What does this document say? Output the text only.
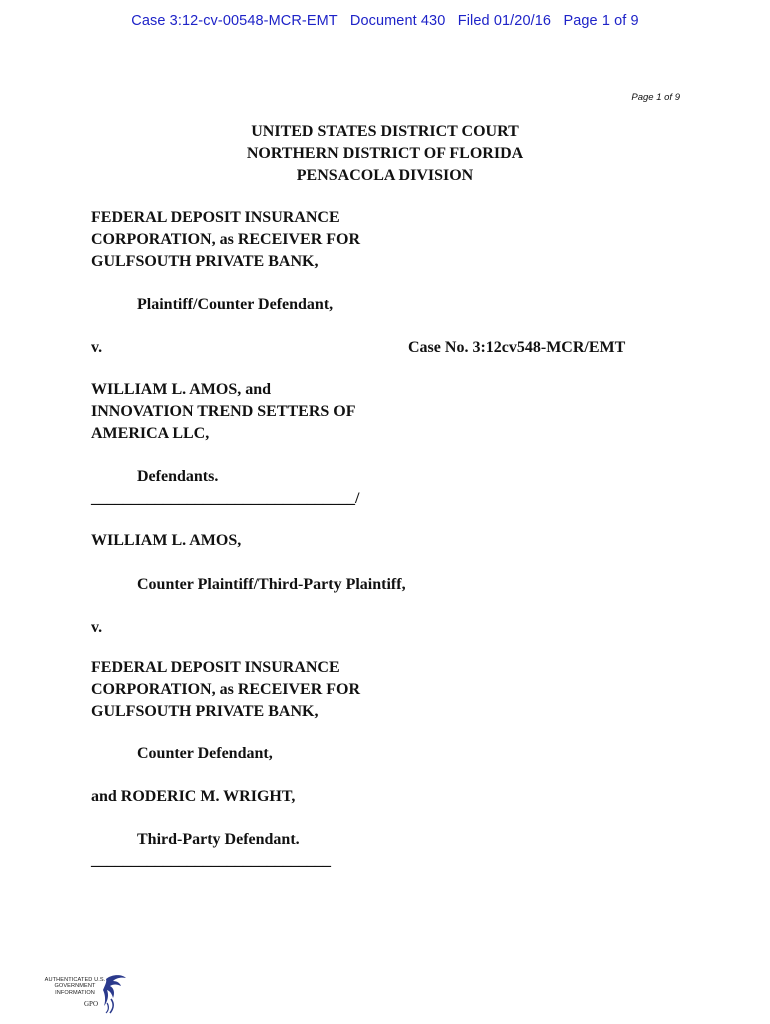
Case 3:12-cv-00548-MCR-EMT   Document 430   Filed 01/20/16   Page 1 of 9
Page 1 of 9
UNITED STATES DISTRICT COURT
NORTHERN DISTRICT OF FLORIDA
PENSACOLA DIVISION
FEDERAL DEPOSIT INSURANCE
CORPORATION, as RECEIVER FOR
GULFSOUTH PRIVATE BANK,
Plaintiff/Counter Defendant,
v.	Case No. 3:12cv548-MCR/EMT
WILLIAM L. AMOS, and
INNOVATION TREND SETTERS OF
AMERICA LLC,
Defendants.
_________________________________/
WILLIAM L. AMOS,
Counter Plaintiff/Third-Party Plaintiff,
v.
FEDERAL DEPOSIT INSURANCE
CORPORATION, as RECEIVER FOR
GULFSOUTH PRIVATE BANK,
Counter Defendant,
and RODERIC M. WRIGHT,
Third-Party Defendant.
______________________________
AUTHENTICATED U.S. GOVERNMENT INFORMATION
GPO
